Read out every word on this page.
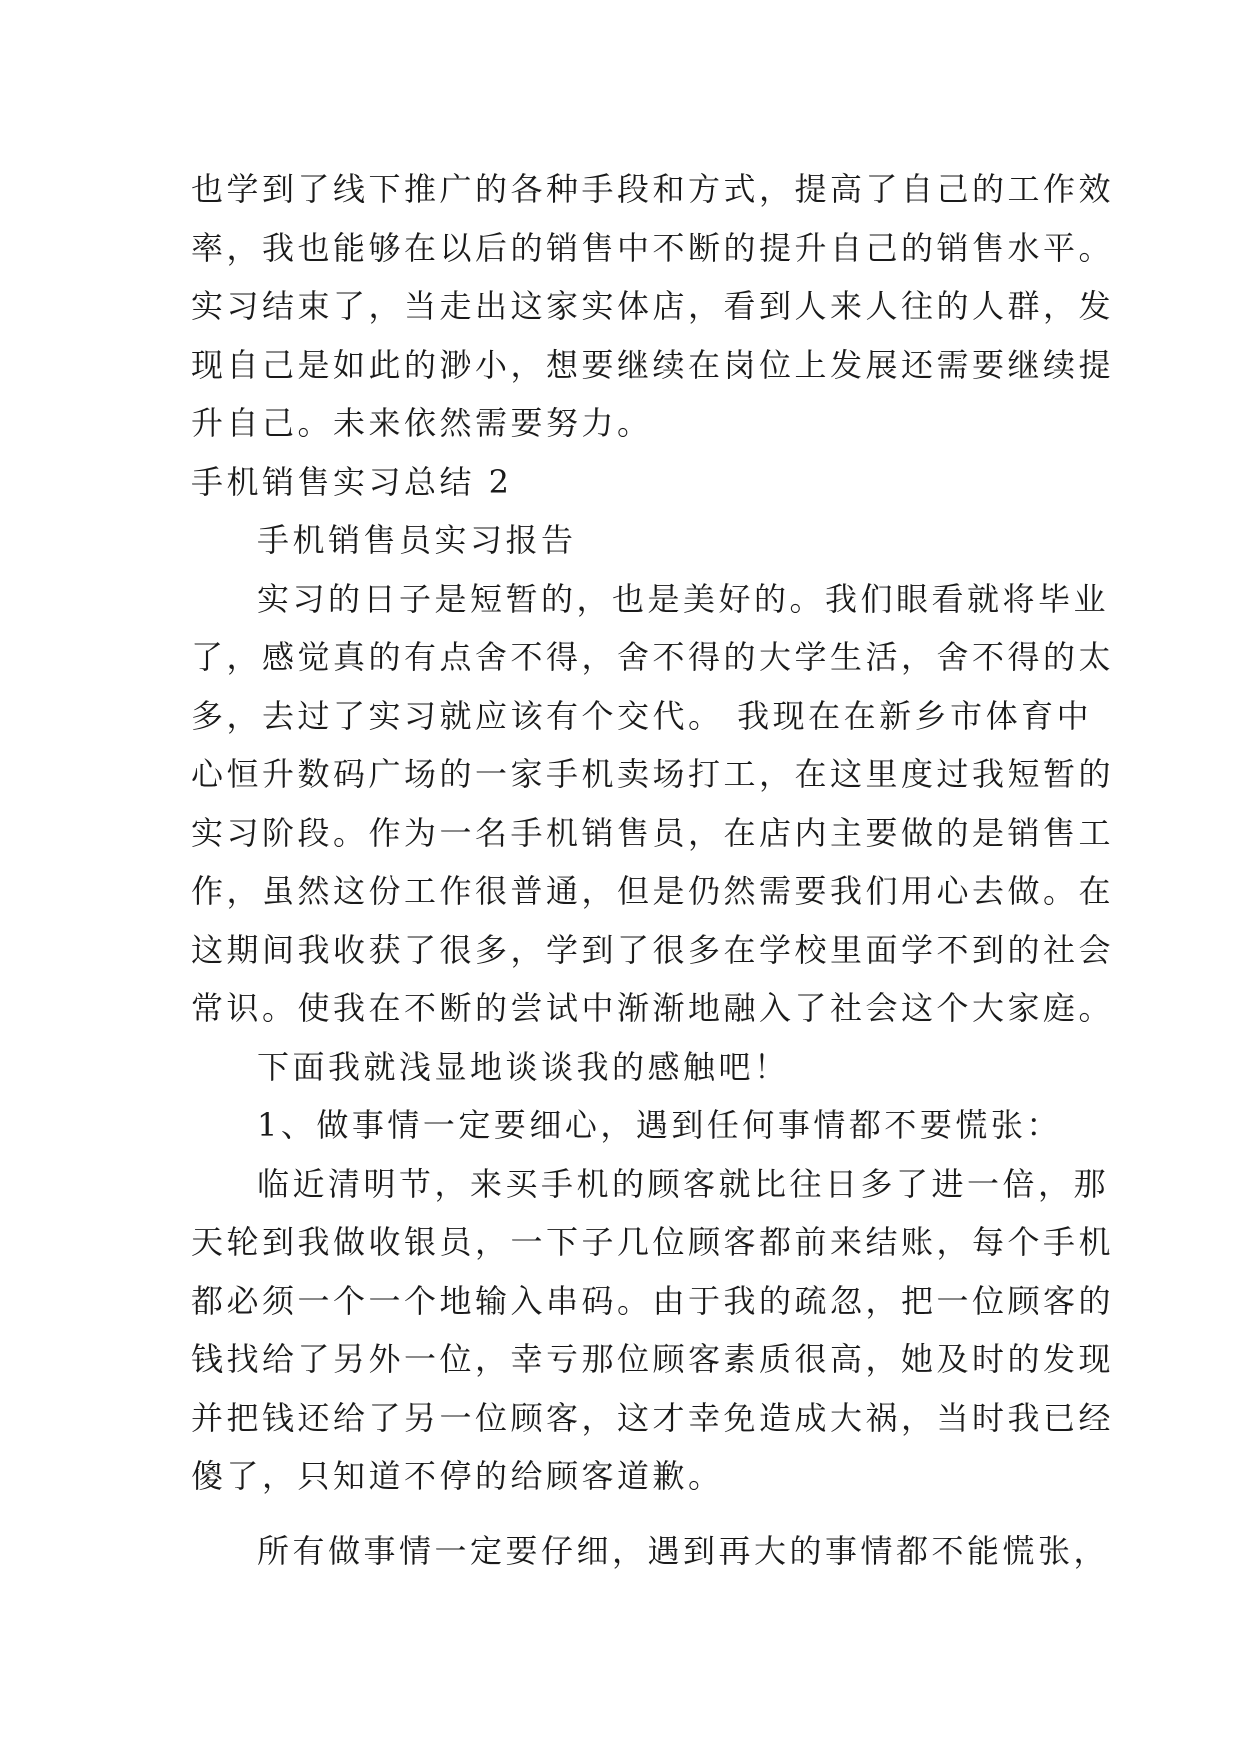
也学到了线下推广的各种手段和方式，提高了自己的工作效
率，我也能够在以后的销售中不断的提升自己的销售水平。
实习结束了，当走出这家实体店，看到人来人往的人群，发
现自己是如此的渺小，想要继续在岗位上发展还需要继续提
升自己。未来依然需要努力。
手机销售实习总结 2
手机销售员实习报告
实习的日子是短暂的，也是美好的。我们眼看就将毕业
了，感觉真的有点舍不得，舍不得的大学生活，舍不得的太
多，去过了实习就应该有个交代。 我现在在新乡市体育中
心恒升数码广场的一家手机卖场打工，在这里度过我短暂的
实习阶段。作为一名手机销售员，在店内主要做的是销售工
作，虽然这份工作很普通，但是仍然需要我们用心去做。在
这期间我收获了很多，学到了很多在学校里面学不到的社会
常识。使我在不断的尝试中渐渐地融入了社会这个大家庭。
下面我就浅显地谈谈我的感触吧！
1、做事情一定要细心，遇到任何事情都不要慌张：
临近清明节，来买手机的顾客就比往日多了进一倍，那
天轮到我做收银员，一下子几位顾客都前来结账，每个手机
都必须一个一个地输入串码。由于我的疏忽，把一位顾客的
钱找给了另外一位，幸亏那位顾客素质很高，她及时的发现
并把钱还给了另一位顾客，这才幸免造成大祸，当时我已经
傻了，只知道不停的给顾客道歉。
所有做事情一定要仔细，遇到再大的事情都不能慌张，
